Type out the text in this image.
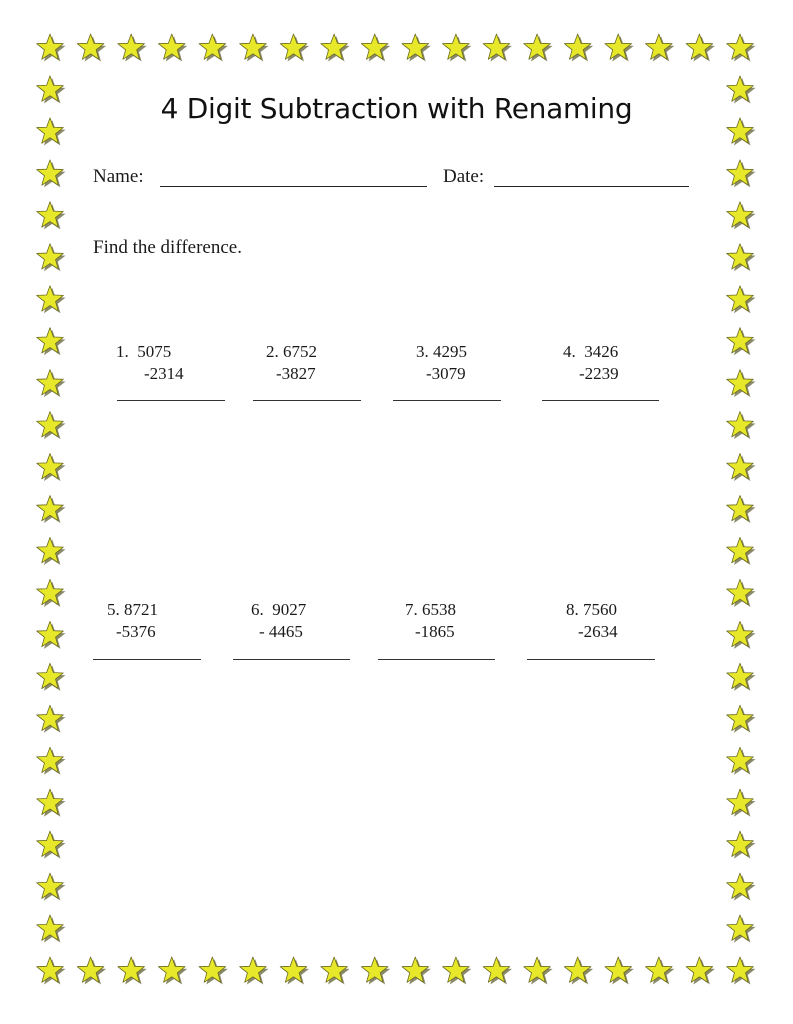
4 Digit Subtraction with Renaming
Name:	Date:
Find the difference.
1. 5075
-2314
2. 6752
-3827
3. 4295
-3079
4. 3426
-2239
5. 8721
-5376
6. 9027
- 4465
7. 6538
-1865
8. 7560
-2634
